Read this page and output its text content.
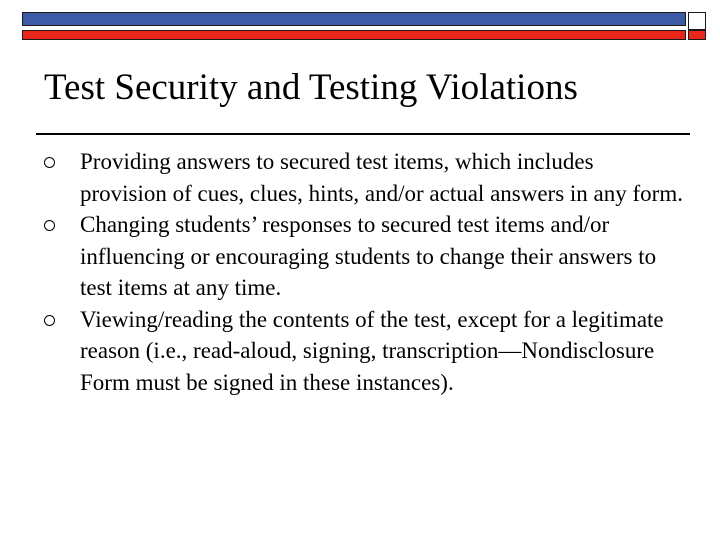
Test Security and Testing Violations
Providing answers to secured test items, which includes provision of cues, clues, hints, and/or actual answers in any form.
Changing students’ responses to secured test items and/or influencing or encouraging students to change their answers to test items at any time.
Viewing/reading the contents of the test, except for a legitimate reason (i.e., read-aloud, signing, transcription—Nondisclosure Form must be signed in these instances).
